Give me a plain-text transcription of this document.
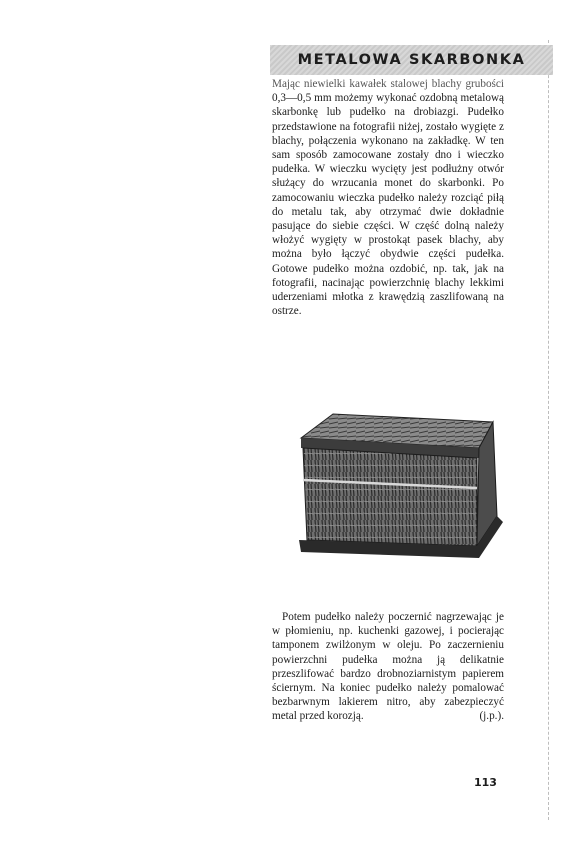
METALOWA SKARBONKA

Mając niewielki kawałek stalowej blachy grubości 0,3—0,5 mm możemy wykonać ozdobną metalową skarbonkę lub pudełko na drobiazgi. Pudełko przedstawione na fotografii niżej, zostało wygięte z blachy, połączenia wykonano na zakładkę. W ten sam sposób zamocowane zostały dno i wieczko pudełka. W wieczku wycięty jest podłużny otwór służący do wrzucania monet do skarbonki. Po zamocowaniu wieczka pudełko należy rozciąć piłą do metalu tak, aby otrzymać dwie dokładnie pasujące do siebie części. W część dolną należy włożyć wygięty w prostokąt pasek blachy, aby można było łączyć obydwie części pudełka. Gotowe pudełko można ozdobić, np. tak, jak na fotografii, nacinając powierzchnię blachy lekkimi uderzeniami młotka z krawędzią zaszlifowaną na ostrze.

Potem pudełko należy poczernić nagrzewając je w płomieniu, np. kuchenki gazowej, i pocierając tamponem zwilżonym w oleju. Po zaczernieniu powierzchni pudełka można ją delikatnie przeszlifować bardzo drobnoziarnistym papierem ściernym. Na koniec pudełko należy pomalować bezbarwnym lakierem nitro, aby zabezpieczyć metal przed korozją.	(j.p.).

113
